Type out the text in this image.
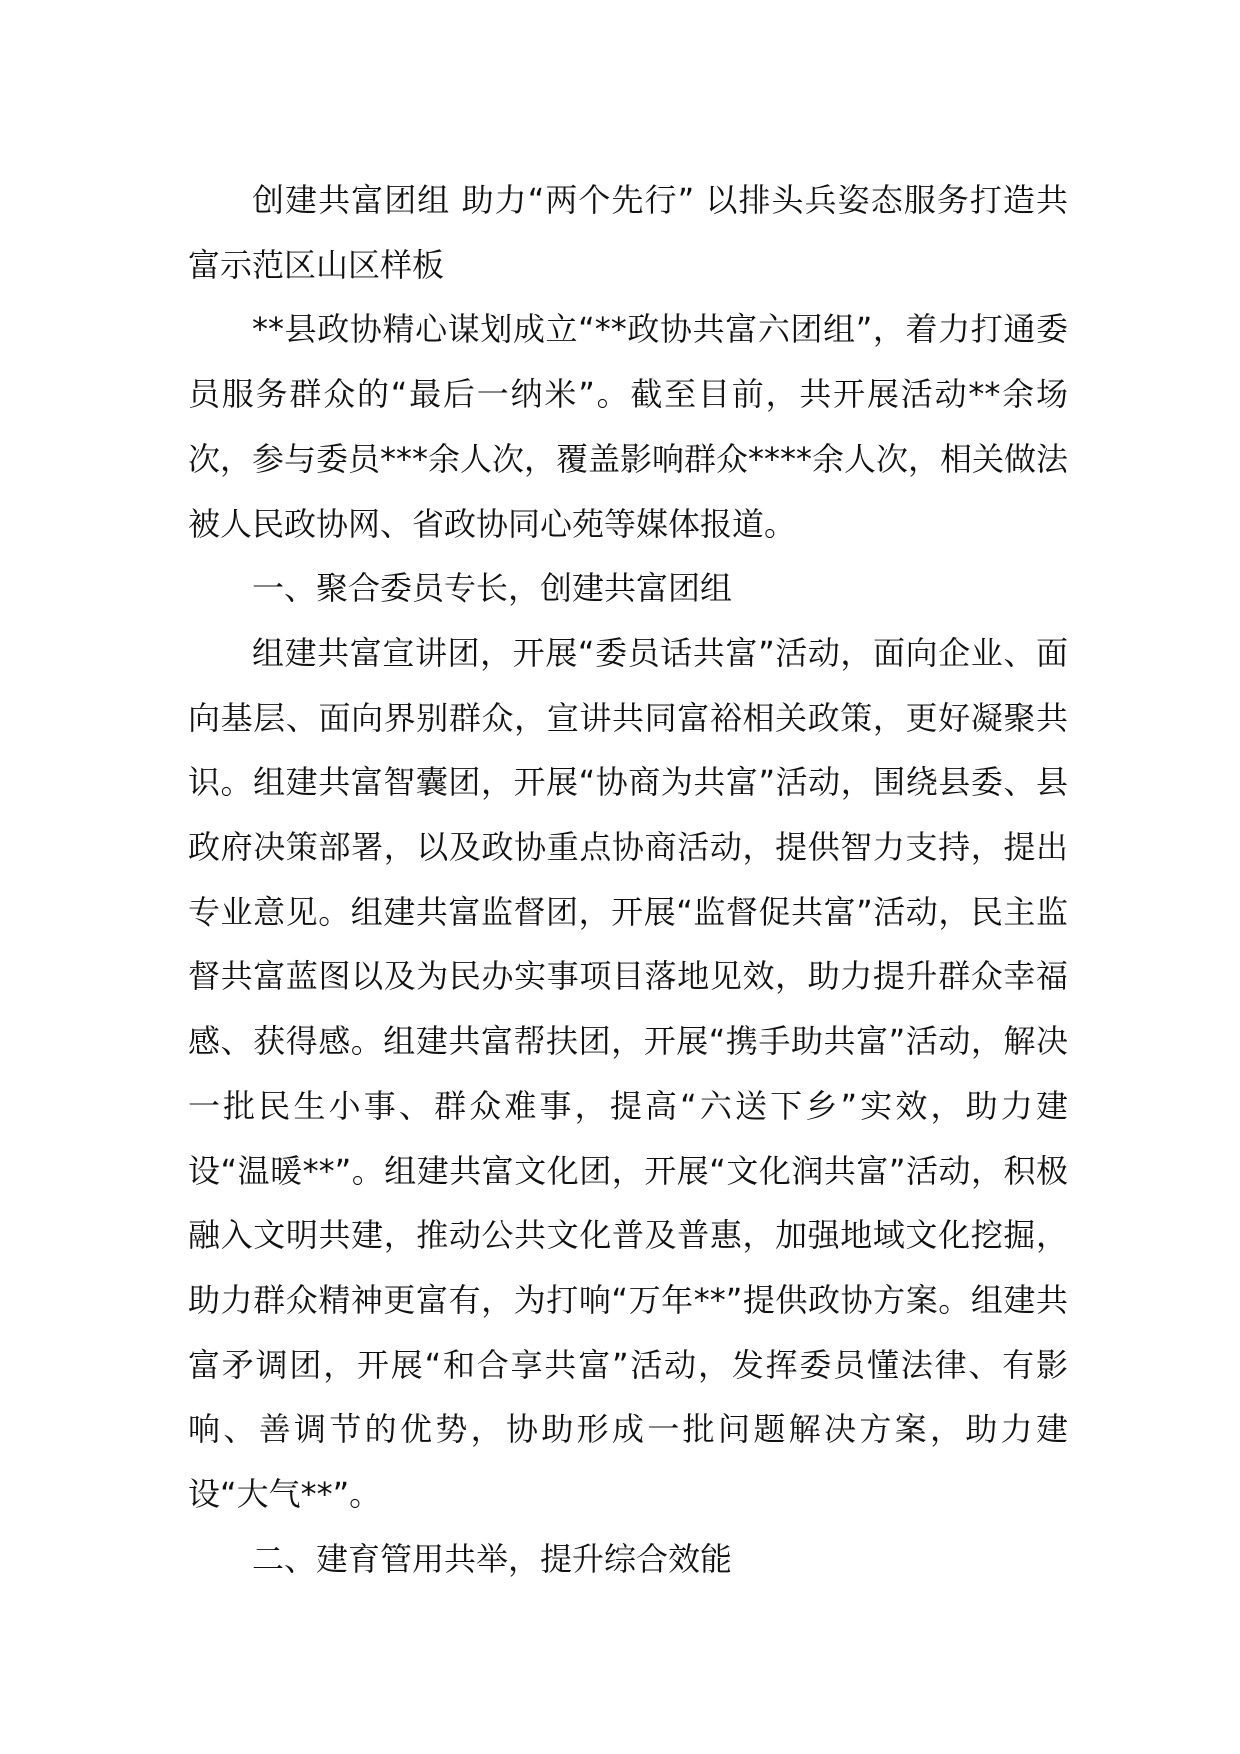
创建共富团组 助力“两个先行” 以排头兵姿态服务打造共富示范区山区样板

**县政协精心谋划成立“**政协共富六团组”，着力打通委员服务群众的“最后一纳米”。截至目前，共开展活动**余场次，参与委员***余人次，覆盖影响群众****余人次，相关做法被人民政协网、省政协同心苑等媒体报道。

一、聚合委员专长，创建共富团组

组建共富宣讲团，开展“委员话共富”活动，面向企业、面向基层、面向界别群众，宣讲共同富裕相关政策，更好凝聚共识。组建共富智囊团，开展“协商为共富”活动，围绕县委、县政府决策部署，以及政协重点协商活动，提供智力支持，提出专业意见。组建共富监督团，开展“监督促共富”活动，民主监督共富蓝图以及为民办实事项目落地见效，助力提升群众幸福感、获得感。组建共富帮扶团，开展“携手助共富”活动，解决一批民生小事、群众难事，提高“六送下乡”实效，助力建设“温暖**”。组建共富文化团，开展“文化润共富”活动，积极融入文明共建，推动公共文化普及普惠，加强地域文化挖掘，助力群众精神更富有，为打响“万年**”提供政协方案。组建共富矛调团，开展“和合享共富”活动，发挥委员懂法律、有影响、善调节的优势，协助形成一批问题解决方案，助力建设“大气**”。

二、建育管用共举，提升综合效能
